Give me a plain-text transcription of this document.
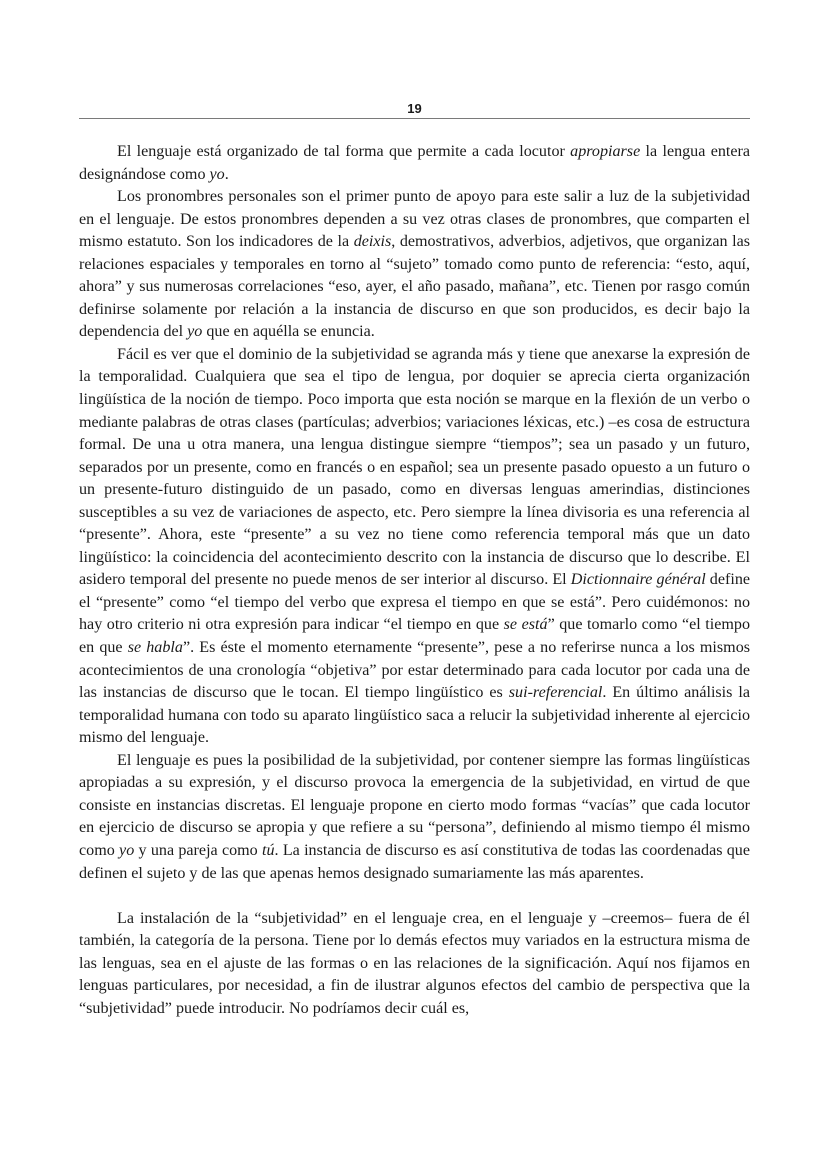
19

El lenguaje está organizado de tal forma que permite a cada locutor apropiarse la lengua entera designándose como yo.

Los pronombres personales son el primer punto de apoyo para este salir a luz de la subjetividad en el lenguaje. De estos pronombres dependen a su vez otras clases de pronombres, que comparten el mismo estatuto. Son los indicadores de la deixis, demostrativos, adverbios, adjetivos, que organizan las relaciones espaciales y temporales en torno al “sujeto” tomado como punto de referencia: “esto, aquí, ahora” y sus numerosas correlaciones “eso, ayer, el año pasado, mañana”, etc. Tienen por rasgo común definirse solamente por relación a la instancia de discurso en que son producidos, es decir bajo la dependencia del yo que en aquélla se enuncia.

Fácil es ver que el dominio de la subjetividad se agranda más y tiene que anexarse la expresión de la temporalidad. Cualquiera que sea el tipo de lengua, por doquier se aprecia cierta organización lingüística de la noción de tiempo. Poco importa que esta noción se marque en la flexión de un verbo o mediante palabras de otras clases (partículas; adverbios; variaciones léxicas, etc.) –es cosa de estructura formal. De una u otra manera, una lengua distingue siempre “tiempos”; sea un pasado y un futuro, separados por un presente, como en francés o en español; sea un presente pasado opuesto a un futuro o un presente-futuro distinguido de un pasado, como en diversas lenguas amerindias, distinciones susceptibles a su vez de variaciones de aspecto, etc. Pero siempre la línea divisoria es una referencia al “presente”. Ahora, este “presente” a su vez no tiene como referencia temporal más que un dato lingüístico: la coincidencia del acontecimiento descrito con la instancia de discurso que lo describe. El asidero temporal del presente no puede menos de ser interior al discurso. El Dictionnaire général define el “presente” como “el tiempo del verbo que expresa el tiempo en que se está”. Pero cuidémonos: no hay otro criterio ni otra expresión para indicar “el tiempo en que se está” que tomarlo como “el tiempo en que se habla”. Es éste el momento eternamente “presente”, pese a no referirse nunca a los mismos acontecimientos de una cronología “objetiva” por estar determinado para cada locutor por cada una de las instancias de discurso que le tocan. El tiempo lingüístico es sui-referencial. En último análisis la temporalidad humana con todo su aparato lingüístico saca a relucir la subjetividad inherente al ejercicio mismo del lenguaje.

El lenguaje es pues la posibilidad de la subjetividad, por contener siempre las formas lingüísticas apropiadas a su expresión, y el discurso provoca la emergencia de la subjetividad, en virtud de que consiste en instancias discretas. El lenguaje propone en cierto modo formas “vacías” que cada locutor en ejercicio de discurso se apropia y que refiere a su “persona”, definiendo al mismo tiempo él mismo como yo y una pareja como tú. La instancia de discurso es así constitutiva de todas las coordenadas que definen el sujeto y de las que apenas hemos designado sumariamente las más aparentes.

La instalación de la “subjetividad” en el lenguaje crea, en el lenguaje y –creemos– fuera de él también, la categoría de la persona. Tiene por lo demás efectos muy variados en la estructura misma de las lenguas, sea en el ajuste de las formas o en las relaciones de la significación. Aquí nos fijamos en lenguas particulares, por necesidad, a fin de ilustrar algunos efectos del cambio de perspectiva que la “subjetividad” puede introducir. No podríamos decir cuál es,
